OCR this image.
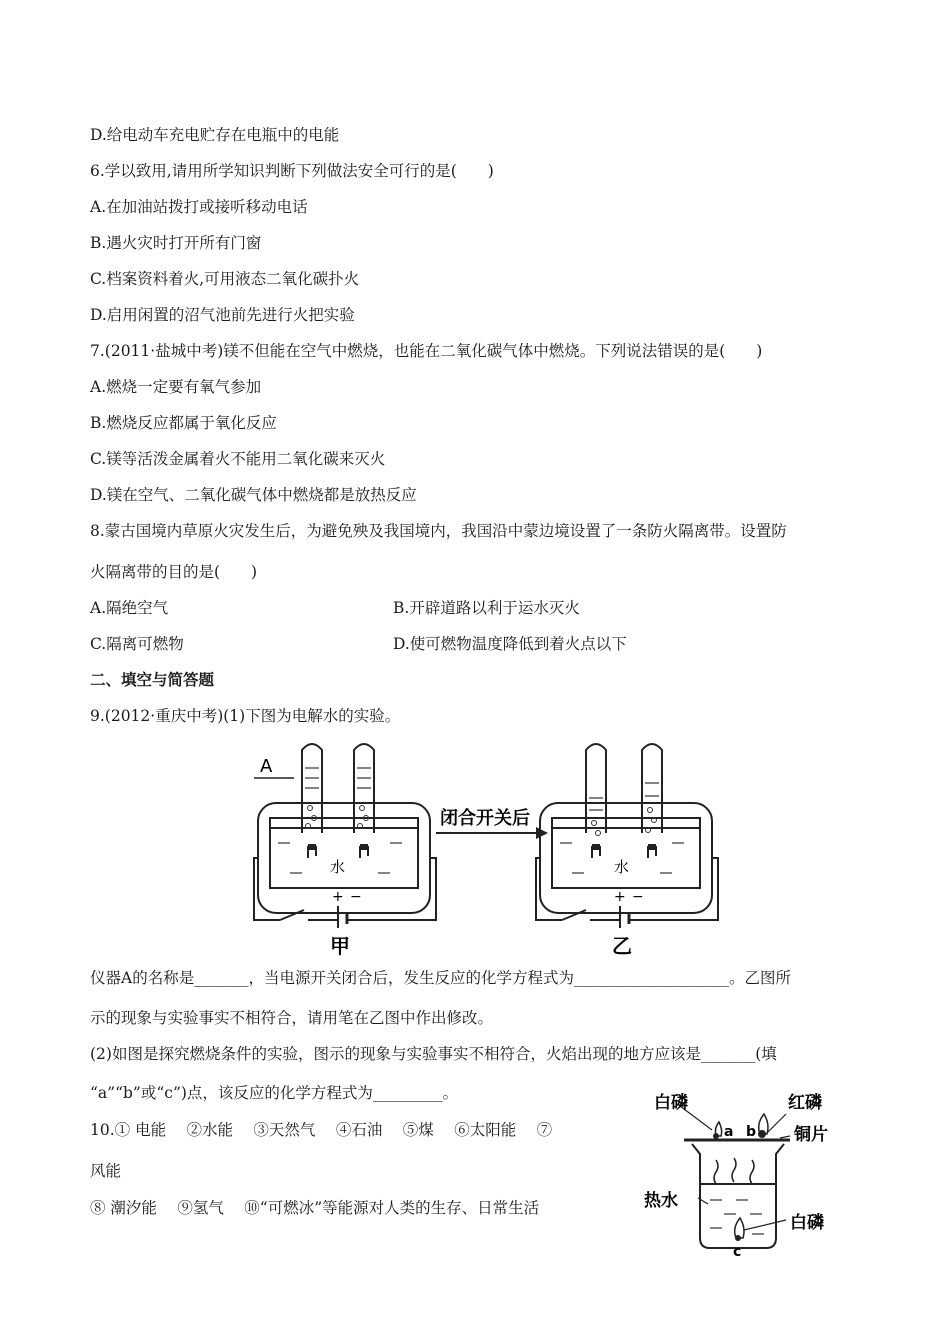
D.给电动车充电贮存在电瓶中的电能
6.学以致用,请用所学知识判断下列做法安全可行的是(　　)
A.在加油站拨打或接听移动电话
B.遇火灾时打开所有门窗
C.档案资料着火,可用液态二氧化碳扑火
D.启用闲置的沼气池前先进行火把实验
7.(2011·盐城中考)镁不但能在空气中燃烧，也能在二氧化碳气体中燃烧。下列说法错误的是(　　)
A.燃烧一定要有氧气参加
B.燃烧反应都属于氧化反应
C.镁等活泼金属着火不能用二氧化碳来灭火
D.镁在空气、二氧化碳气体中燃烧都是放热反应
8.蒙古国境内草原火灾发生后，为避免殃及我国境内，我国沿中蒙边境设置了一条防火隔离带。设置防
火隔离带的目的是(　　)
A.隔绝空气	B.开辟道路以利于运水灭火
C.隔离可燃物	D.使可燃物温度降低到着火点以下
二、填空与简答题
9.(2012·重庆中考)(1)下图为电解水的实验。
A
水	水
闭合开关后
+ −	+ −
甲	乙
仪器A的名称是_______，当电源开关闭合后，发生反应的化学方程式为____________________。乙图所
示的现象与实验事实不相符合，请用笔在乙图中作出修改。
(2)如图是探究燃烧条件的实验，图示的现象与实验事实不相符合，火焰出现的地方应该是_______(填
“a”“b”或“c”)点，该反应的化学方程式为_________。
10.① 电能　 ②水能　 ③天然气　 ④石油　 ⑤煤　 ⑥太阳能　 ⑦
风能
⑧ 潮汐能　 ⑨氢气　 ⑩“可燃冰”等能源对人类的生存、日常生活
白磷	红磷
铜片
热水
白磷
a b
c
